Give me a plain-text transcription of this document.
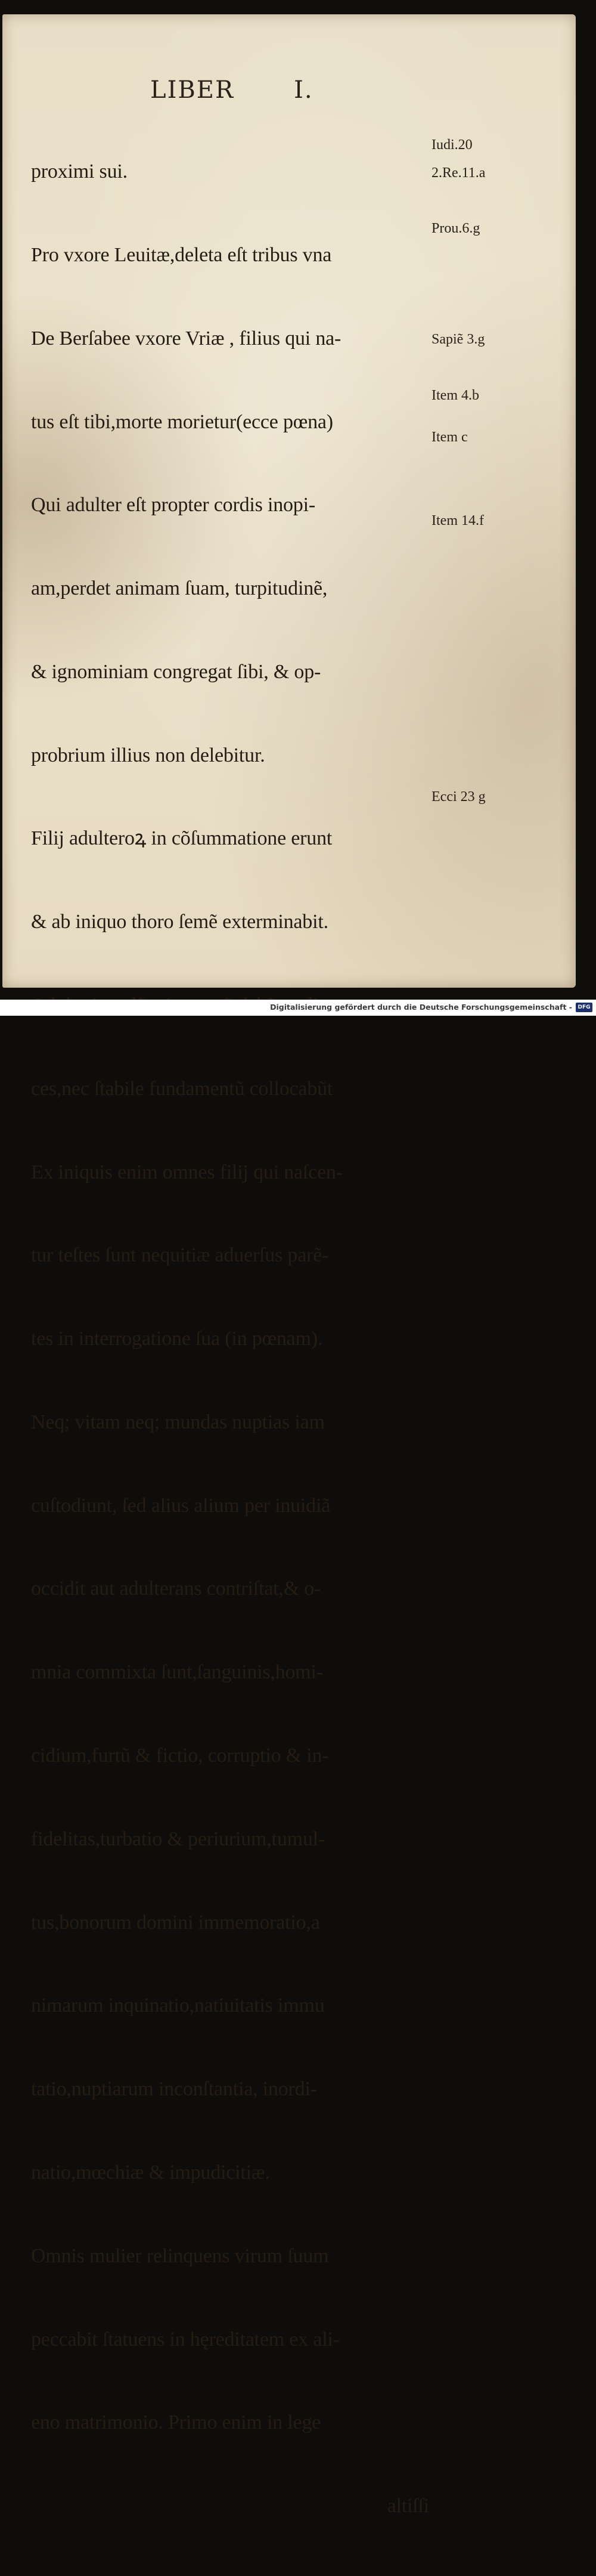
LIBER	I.

proximi sui.

Pro vxore Leuitæ,deleta eſt tribus vna

De Berſabee vxore Vriæ , filius qui na‑

tus eſt tibi,morte morietur(ecce pœna)

Qui adulter eſt propter cordis inopi‑

am,perdet animam ſuam, turpitudinẽ,

& ignominiam congregat ſibi, & op‑

probrium illius non delebitur.

Filij adulteroꝝ in cõſummatione erunt

& ab iniquo thoro ſemẽ exterminabit.

ces,nec ſtabile fundamentũ collocabũt

Ex iniquis enim omnes filij qui naſcen‑

tur teſtes ſunt nequitiæ aduerſus parẽ‑

tes in interrogatione ſua (in pœnam).

Neq; vitam neq; mundas nuptias iam

cuſtodiunt, ſed alius alium per inuidiã

occidit aut adulterans contriſtat,& o‑

mnia commixta ſunt,ſanguinis,homi‑

cidium,furtũ & fictio, corruptio & in‑

fidelitas,turbatio & periurium,tumul‑

tus,bonorum domini immemoratio,a

nimarum inquinatio,natiuitatis immu

tatio,nuptiarum inconſtantia, inordi‑

natio,mœchiæ & impudicitiæ.

Omnis mulier relinquens virum ſuum

peccabit ſtatuens in hęreditatem ex ali‑

eno matrimonio. Primo enim in lege

altiſſi

Iudi.20
2.Re.11.a
Prou.6.g
Sapiẽ 3.g
Item 4.b
Item c
Item 14.f
Ecci 23 g
Digitalisierung gefördert durch die Deutsche Forschungsgemeinschaft -	DFG
